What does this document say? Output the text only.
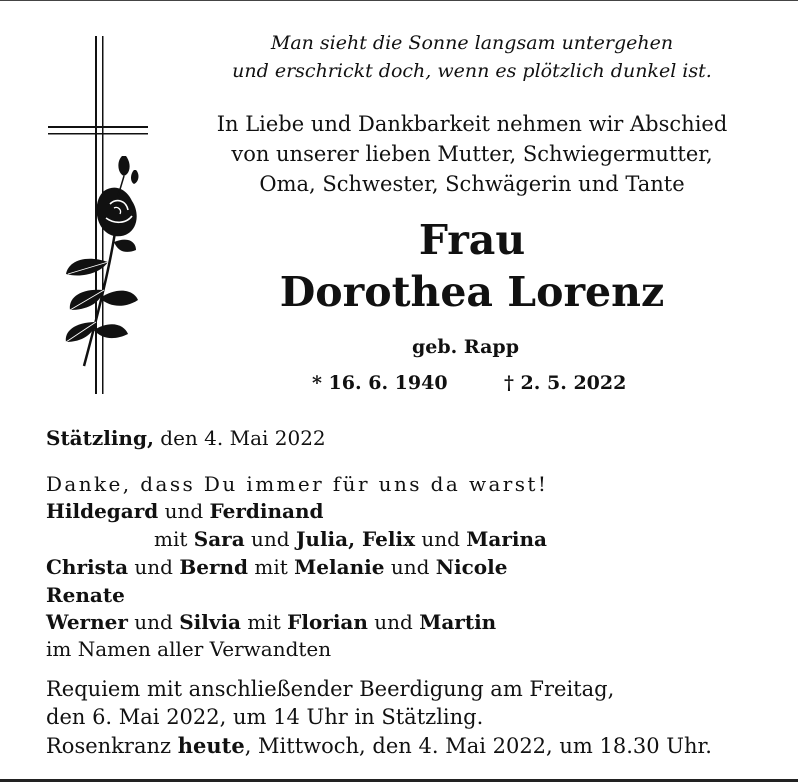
Man sieht die Sonne langsam untergehen
und erschrickt doch, wenn es plötzlich dunkel ist.
In Liebe und Dankbarkeit nehmen wir Abschied
von unserer lieben Mutter, Schwiegermutter,
Oma, Schwester, Schwägerin und Tante
Frau
Dorothea Lorenz
geb. Rapp
* 16. 6. 1940	† 2. 5. 2022
Stätzling, den 4. Mai 2022
Danke, dass Du immer für uns da warst!
Hildegard und Ferdinand
mit Sara und Julia, Felix und Marina
Christa und Bernd mit Melanie und Nicole
Renate
Werner und Silvia mit Florian und Martin
im Namen aller Verwandten
Requiem mit anschließender Beerdigung am Freitag,
den 6. Mai 2022, um 14 Uhr in Stätzling.
Rosenkranz heute, Mittwoch, den 4. Mai 2022, um 18.30 Uhr.
